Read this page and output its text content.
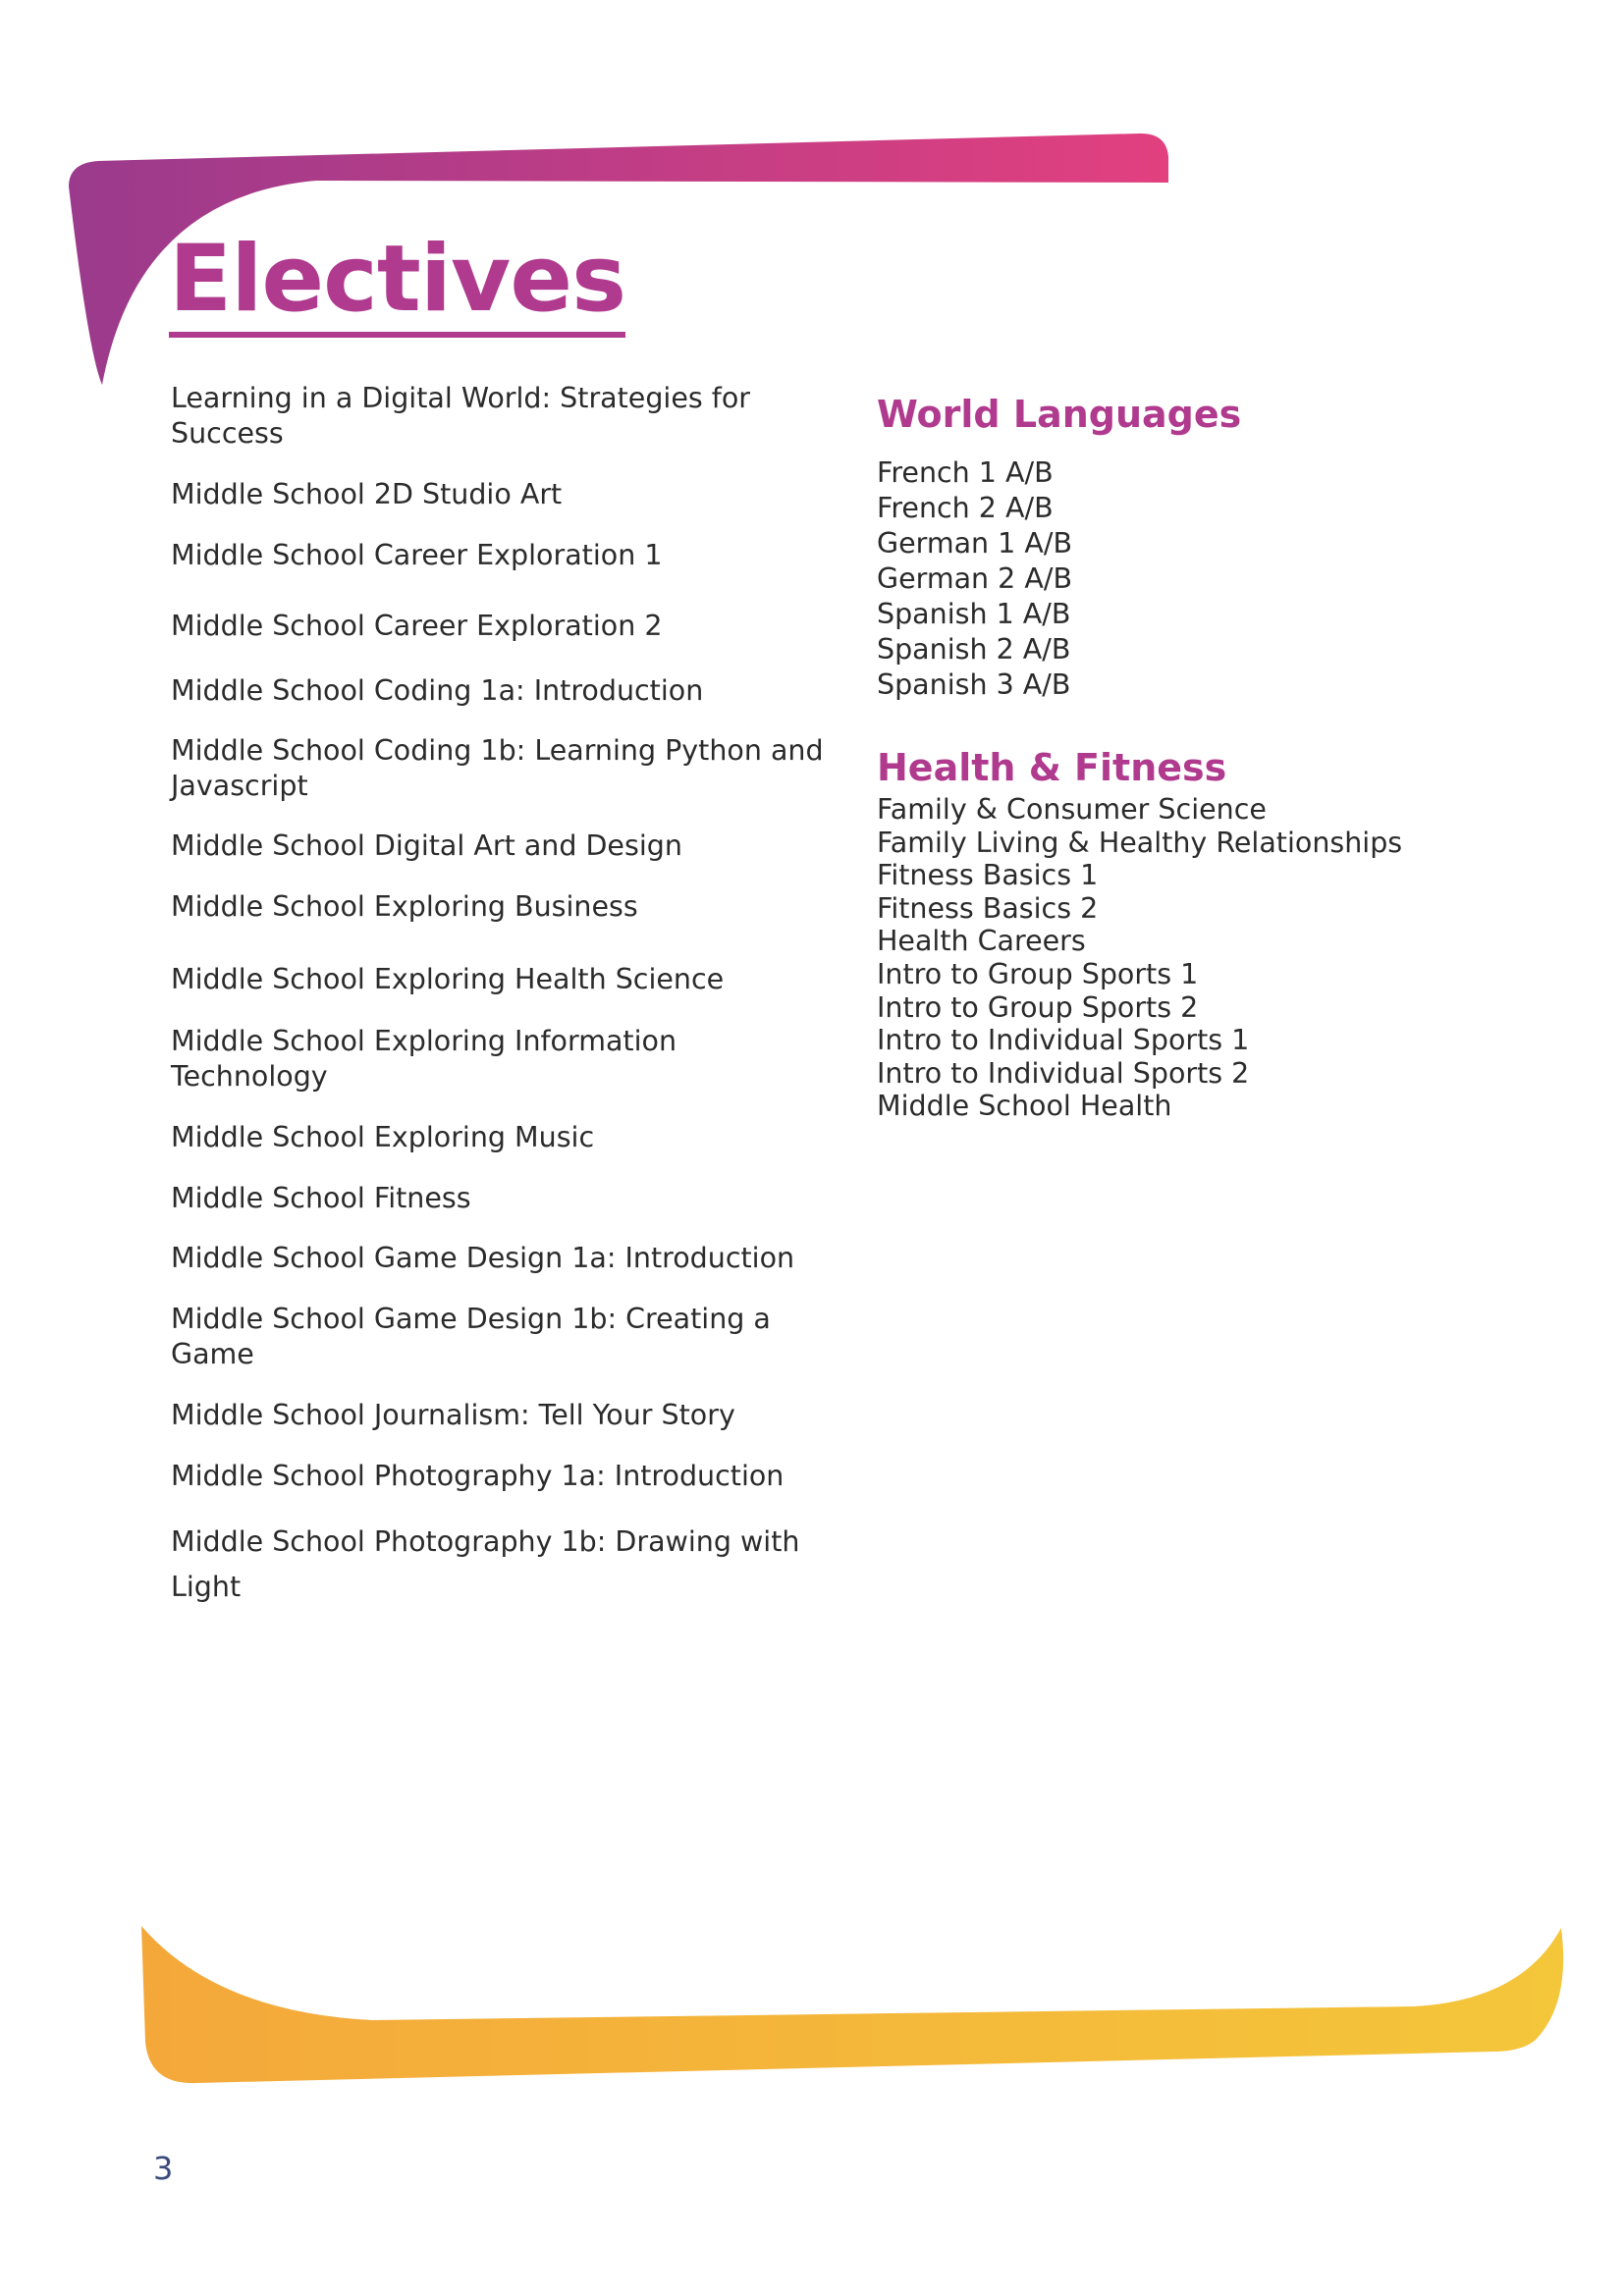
Electives
Learning in a Digital World: Strategies for Success
Middle School 2D Studio Art
Middle School Career Exploration 1
Middle School Career Exploration 2
Middle School Coding 1a: Introduction
Middle School Coding 1b: Learning Python and Javascript
Middle School Digital Art and Design
Middle School Exploring Business
Middle School Exploring Health Science
Middle School Exploring Information Technology
Middle School Exploring Music
Middle School Fitness
Middle School Game Design 1a: Introduction
Middle School Game Design 1b: Creating a Game
Middle School Journalism: Tell Your Story
Middle School Photography 1a: Introduction
Middle School Photography 1b: Drawing with Light
World Languages
French 1 A/B
French 2 A/B
German 1 A/B
German 2 A/B
Spanish 1 A/B
Spanish 2 A/B
Spanish 3 A/B
Health & Fitness
Family & Consumer Science
Family Living & Healthy Relationships
Fitness Basics 1
Fitness Basics 2
Health Careers
Intro to Group Sports 1
Intro to Group Sports 2
Intro to Individual Sports 1
Intro to Individual Sports 2
Middle School Health
3
